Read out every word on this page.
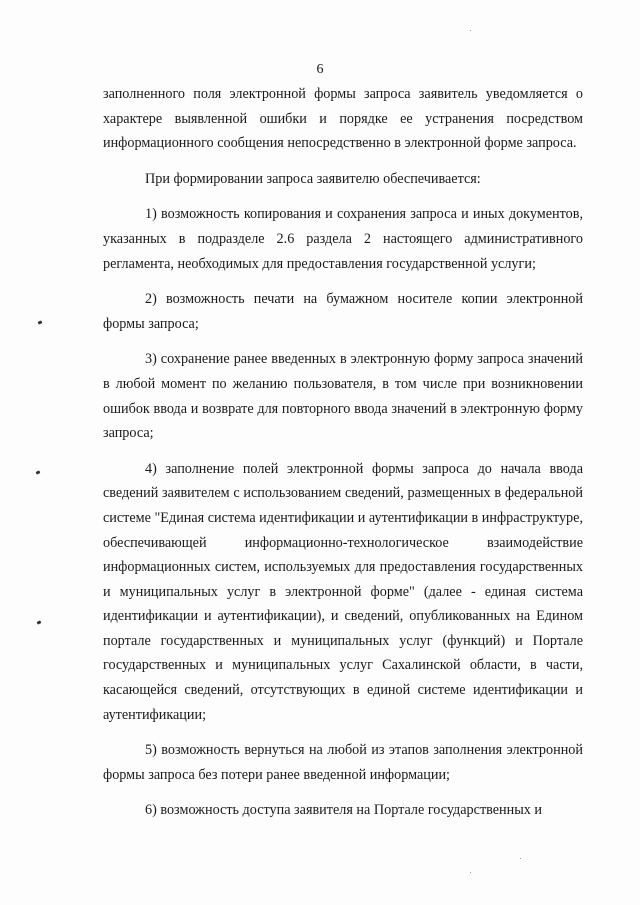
6

заполненного поля электронной формы запроса заявитель уведомляется о характере выявленной ошибки и порядке ее устранения посредством информационного сообщения непосредственно в электронной форме запроса.

При формировании запроса заявителю обеспечивается:

1) возможность копирования и сохранения запроса и иных документов, указанных в подразделе 2.6 раздела 2 настоящего административного регламента, необходимых для предоставления государственной услуги;

2) возможность печати на бумажном носителе копии электронной формы запроса;

3) сохранение ранее введенных в электронную форму запроса значений в любой момент по желанию пользователя, в том числе при возникновении ошибок ввода и возврате для повторного ввода значений в электронную форму запроса;

4) заполнение полей электронной формы запроса до начала ввода сведений заявителем с использованием сведений, размещенных в федеральной системе "Единая система идентификации и аутентификации в инфраструктуре, обеспечивающей информационно-технологическое взаимодействие информационных систем, используемых для предоставления государственных и муниципальных услуг в электронной форме" (далее - единая система идентификации и аутентификации), и сведений, опубликованных на Едином портале государственных и муниципальных услуг (функций) и Портале государственных и муниципальных услуг Сахалинской области, в части, касающейся сведений, отсутствующих в единой системе идентификации и аутентификации;

5) возможность вернуться на любой из этапов заполнения электронной формы запроса без потери ранее введенной информации;

6) возможность доступа заявителя на Портале государственных и
